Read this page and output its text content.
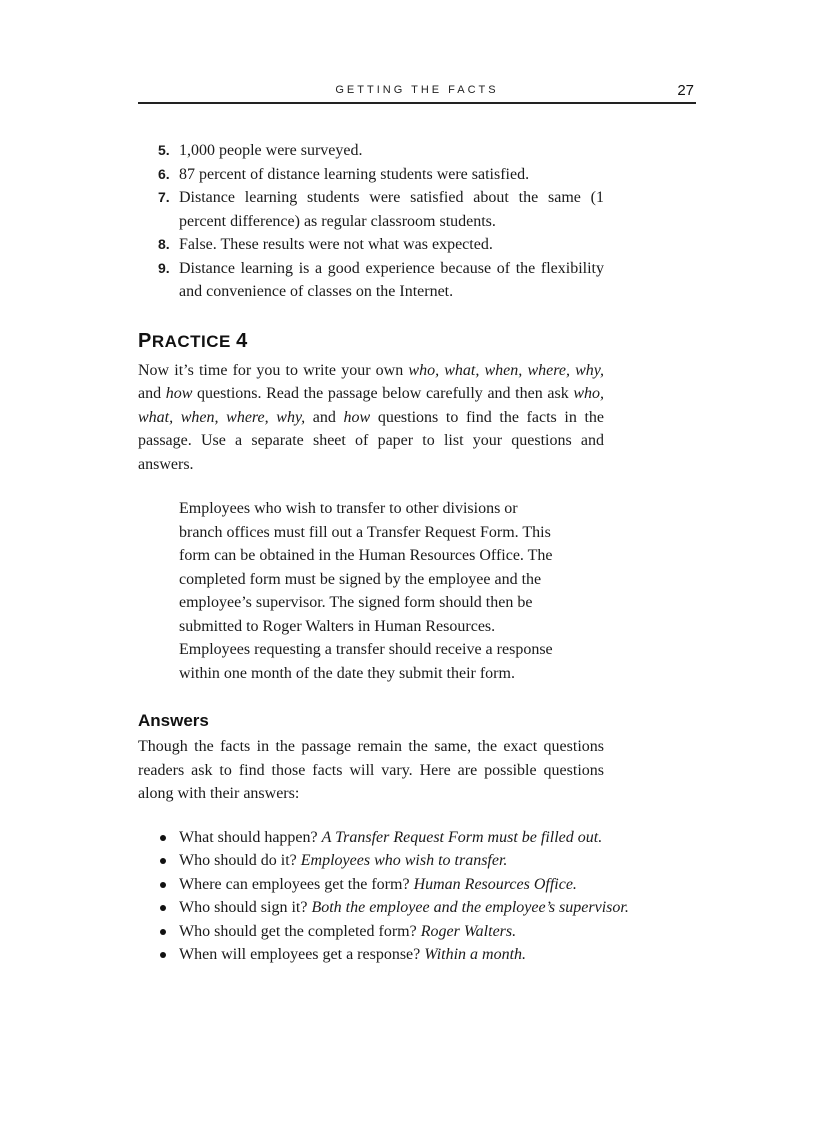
GETTING THE FACTS	27
5. 1,000 people were surveyed.
6. 87 percent of distance learning students were satisfied.
7. Distance learning students were satisfied about the same (1 percent difference) as regular classroom students.
8. False. These results were not what was expected.
9. Distance learning is a good experience because of the flexibility and convenience of classes on the Internet.
PRACTICE 4

Now it’s time for you to write your own who, what, when, where, why, and how questions. Read the passage below carefully and then ask who, what, when, where, why, and how questions to find the facts in the passage. Use a separate sheet of paper to list your questions and answers.

Employees who wish to transfer to other divisions or
branch offices must fill out a Transfer Request Form. This
form can be obtained in the Human Resources Office. The
completed form must be signed by the employee and the
employee’s supervisor. The signed form should then be
submitted to Roger Walters in Human Resources.
Employees requesting a transfer should receive a response
within one month of the date they submit their form.
Answers

Though the facts in the passage remain the same, the exact questions readers ask to find those facts will vary. Here are possible questions along with their answers:

What should happen? A Transfer Request Form must be filled out.
Who should do it? Employees who wish to transfer.
Where can employees get the form? Human Resources Office.
Who should sign it? Both the employee and the employee’s supervisor.
Who should get the completed form? Roger Walters.
When will employees get a response? Within a month.
